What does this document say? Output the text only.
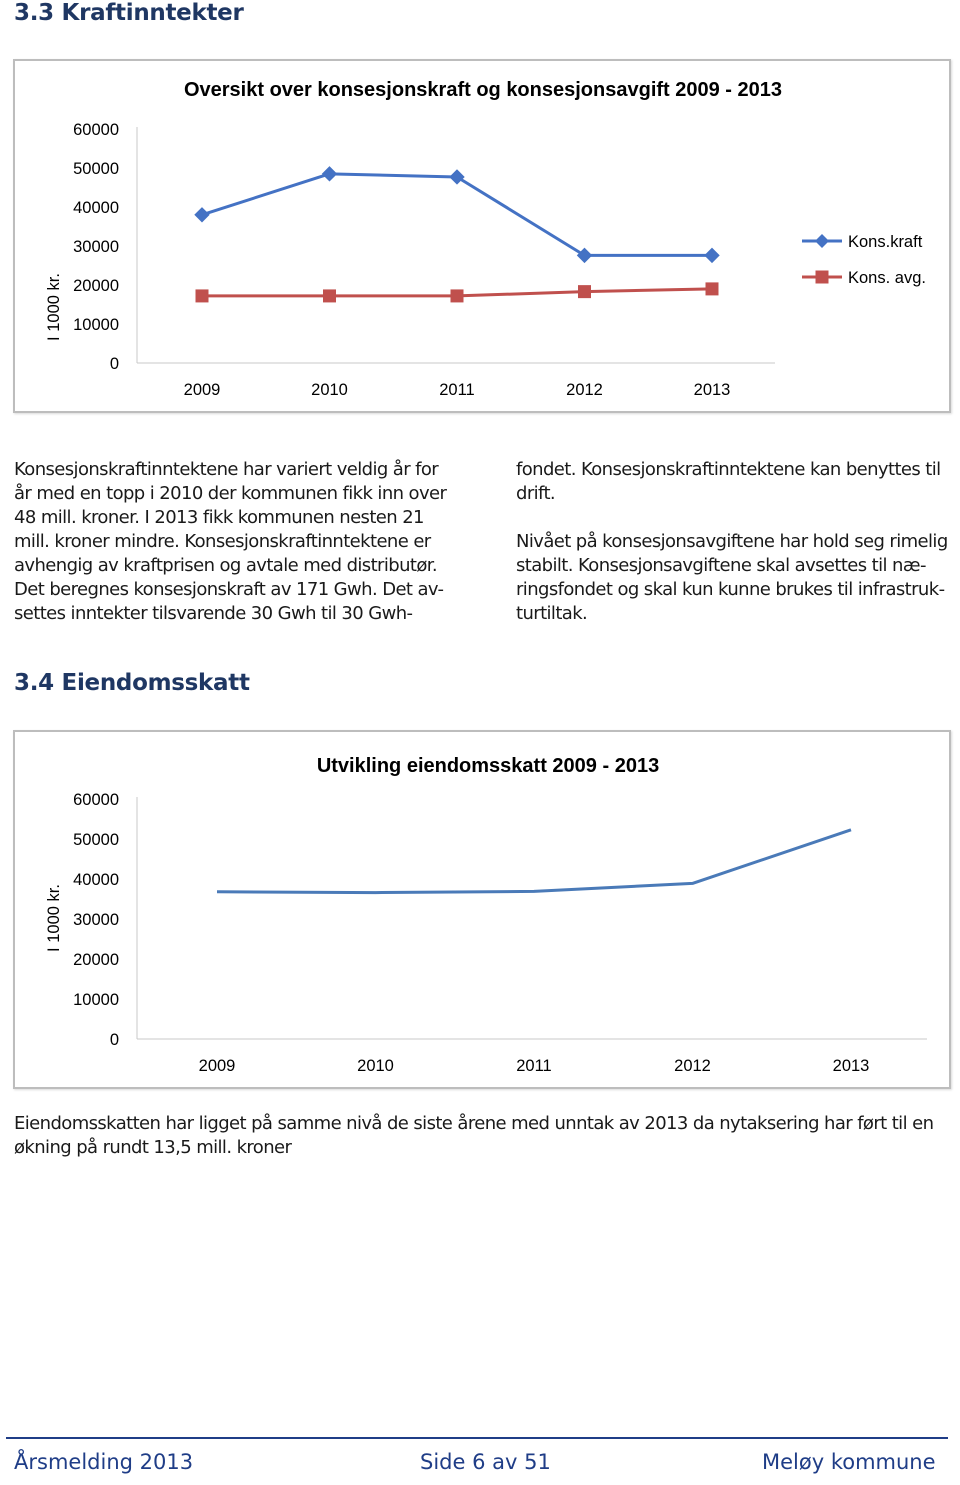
3.3 Kraftinntekter
Oversikt over konsesjonskraft og konsesjonsavgift 2009 - 2013
I 1000 kr.
60000
50000
40000
30000
20000
10000
0
2009	2010	2011	2012	2013
Kons.kraft
Kons. avg.
Konsesjonskraftinntektene har variert veldig år for
år med en topp i 2010 der kommunen fikk inn over
48 mill. kroner. I 2013 fikk kommunen nesten 21
mill. kroner mindre. Konsesjonskraftinntektene er
avhengig av kraftprisen og avtale med distributør.
Det beregnes konsesjonskraft av 171 Gwh. Det av-
settes inntekter tilsvarende 30 Gwh til 30 Gwh-
fondet. Konsesjonskraftinntektene kan benyttes til
drift.
Nivået på konsesjonsavgiftene har hold seg rimelig
stabilt. Konsesjonsavgiftene skal avsettes til næ-
ringsfondet og skal kun kunne brukes til infrastruk-
turtiltak.
3.4 Eiendomsskatt
Utvikling eiendomsskatt 2009 - 2013
I 1000 kr.
60000
50000
40000
30000
20000
10000
0
2009	2010	2011	2012	2013
Eiendomsskatten har ligget på samme nivå de siste årene med unntak av 2013 da nytaksering har ført til en
økning på rundt 13,5 mill. kroner
Årsmelding 2013	Side 6 av 51	Meløy kommune
